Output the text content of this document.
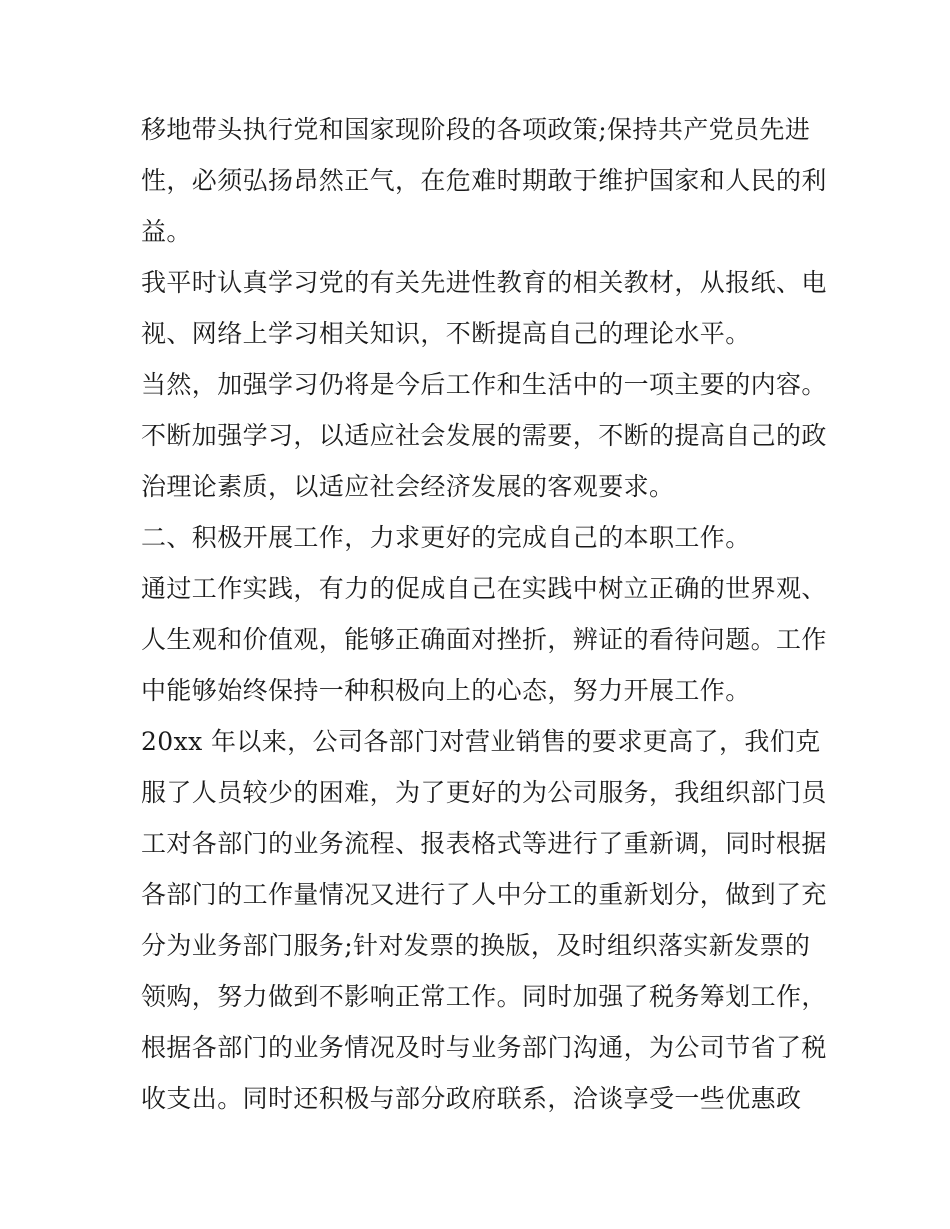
移地带头执行党和国家现阶段的各项政策;保持共产党员先进
性，必须弘扬昂然正气，在危难时期敢于维护国家和人民的利
益。
我平时认真学习党的有关先进性教育的相关教材，从报纸、电
视、网络上学习相关知识，不断提高自己的理论水平。
当然，加强学习仍将是今后工作和生活中的一项主要的内容。
不断加强学习，以适应社会发展的需要，不断的提高自己的政
治理论素质，以适应社会经济发展的客观要求。
二、积极开展工作，力求更好的完成自己的本职工作。
通过工作实践，有力的促成自己在实践中树立正确的世界观、
人生观和价值观，能够正确面对挫折，辨证的看待问题。工作
中能够始终保持一种积极向上的心态，努力开展工作。
20xx 年以来，公司各部门对营业销售的要求更高了，我们克
服了人员较少的困难，为了更好的为公司服务，我组织部门员
工对各部门的业务流程、报表格式等进行了重新调，同时根据
各部门的工作量情况又进行了人中分工的重新划分，做到了充
分为业务部门服务;针对发票的换版，及时组织落实新发票的
领购，努力做到不影响正常工作。同时加强了税务筹划工作，
根据各部门的业务情况及时与业务部门沟通，为公司节省了税
收支出。同时还积极与部分政府联系，洽谈享受一些优惠政
